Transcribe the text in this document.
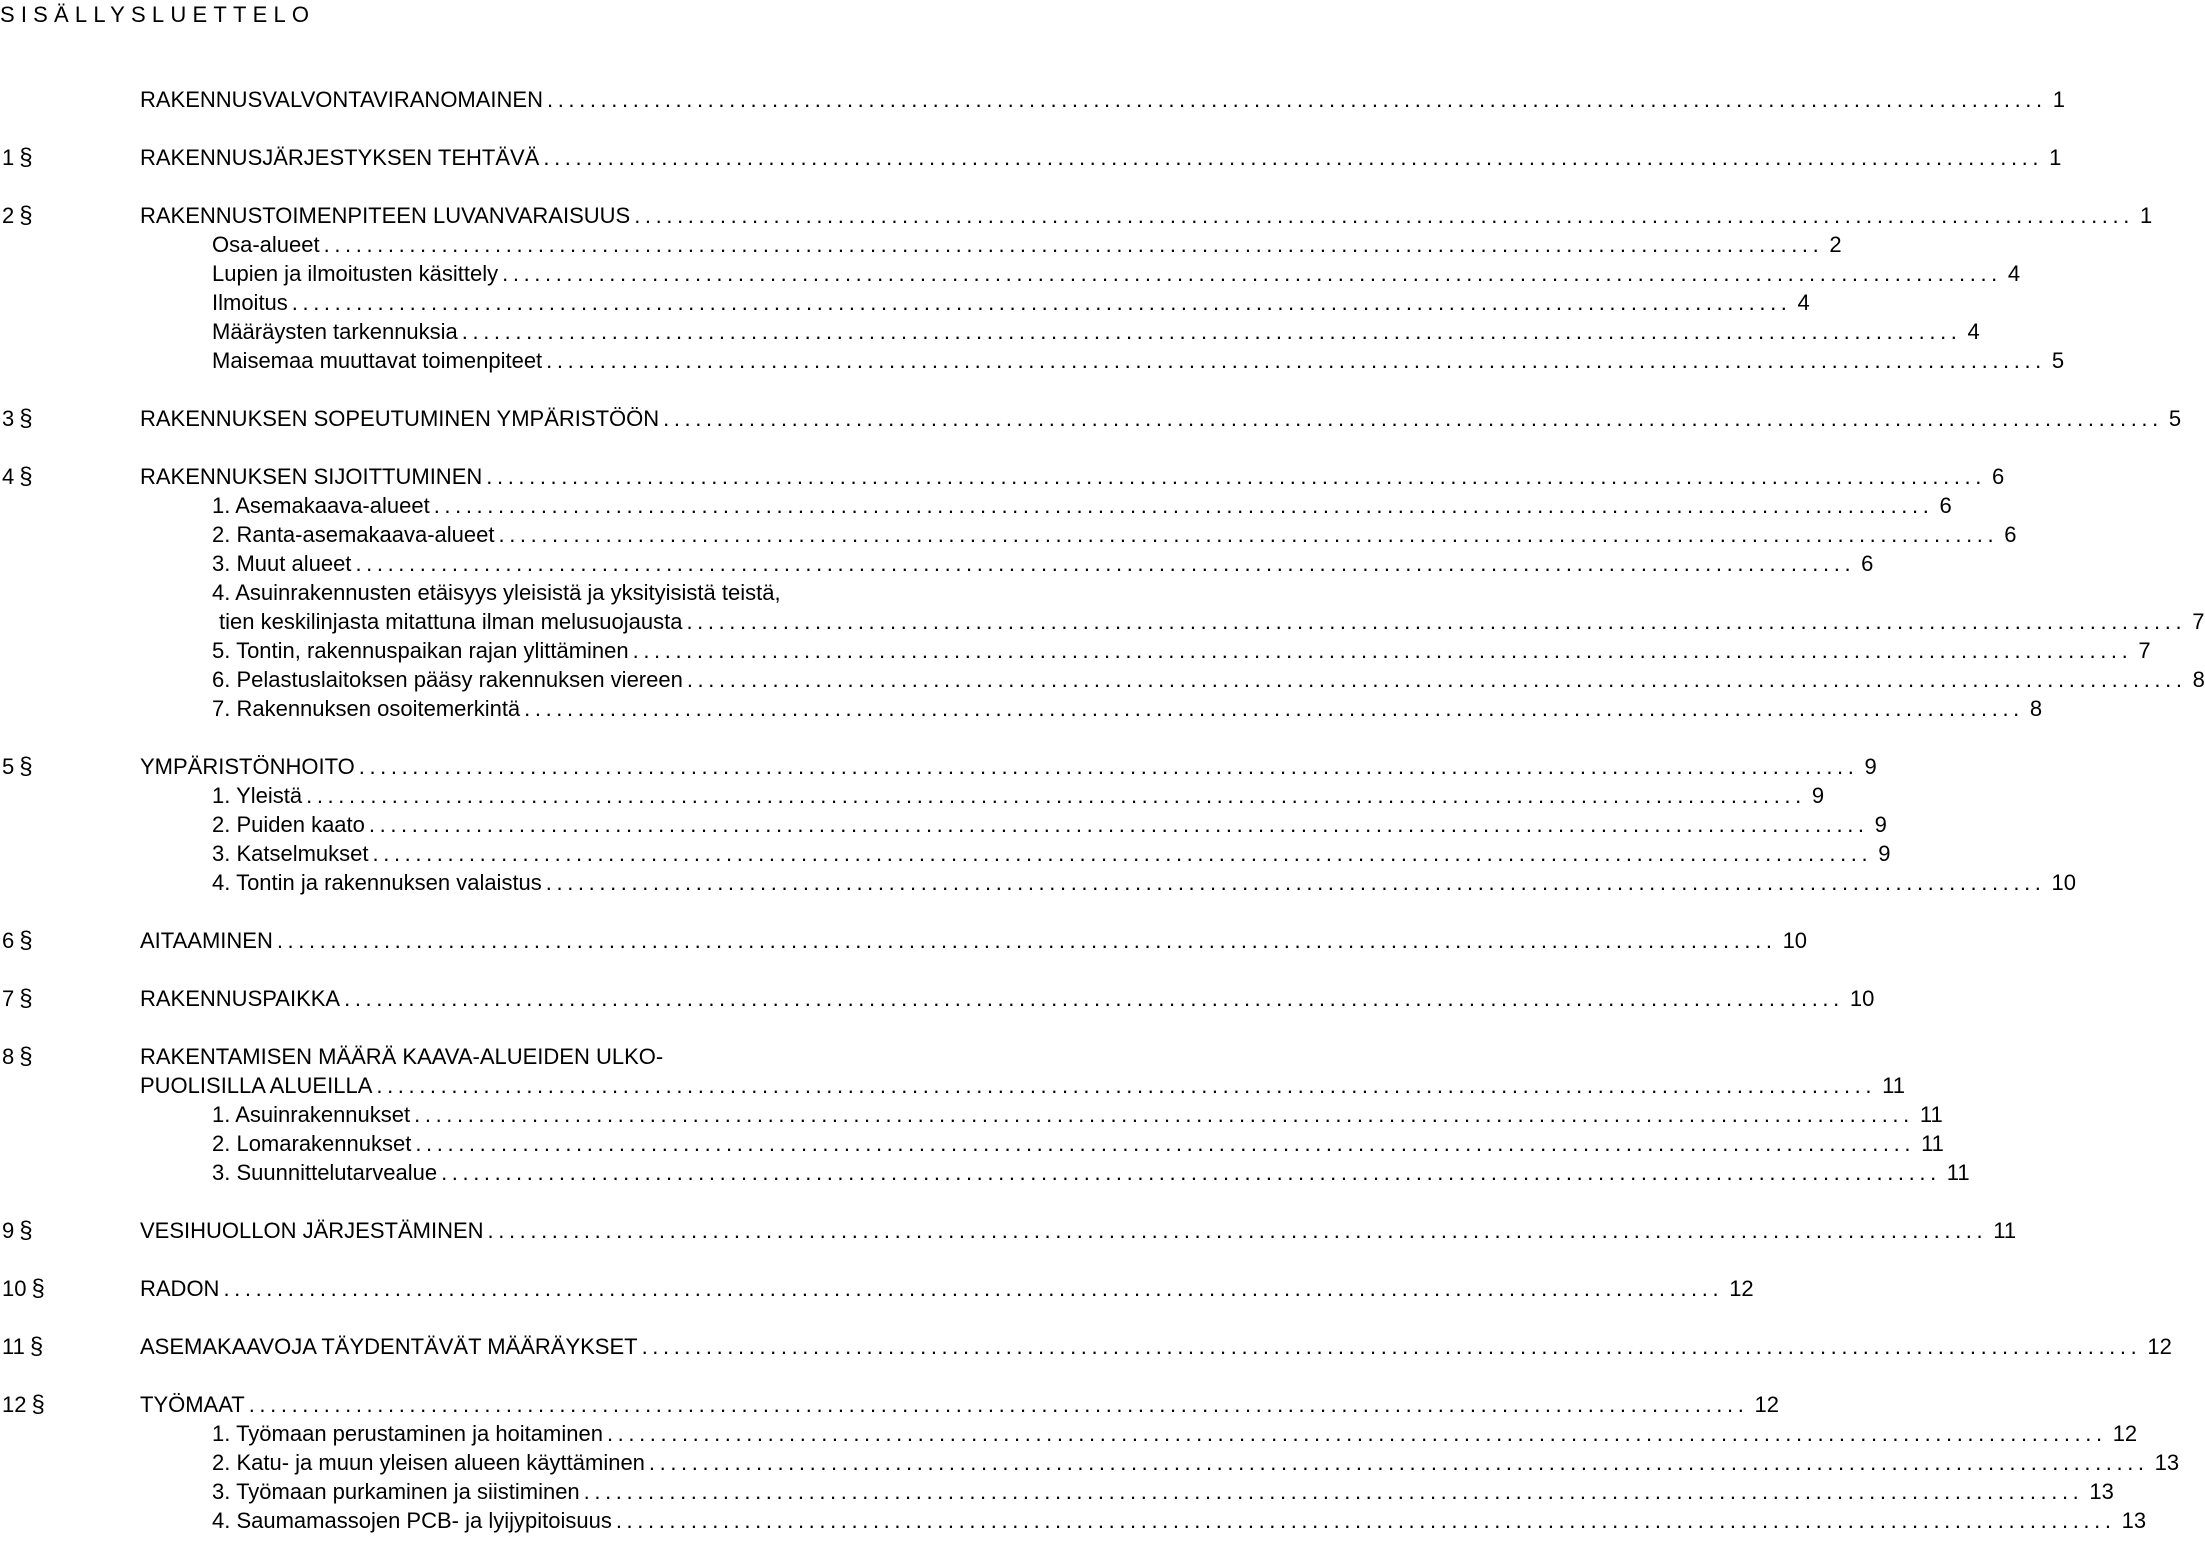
SISÄLLYSLUETTELO
RAKENNUSVALVONTAVIRANOMAINEN ............................................................................................................................................ 1
1 §	RAKENNUSJÄRJESTYKSEN TEHTÄVÄ ............................................................................................................................................ 1
2 §	RAKENNUSTOIMENPITEEN LUVANVARAISUUS ............................................................................................................................................ 1
Osa-alueet ............................................................................................................................................ 2
Lupien ja ilmoitusten käsittely ............................................................................................................................................ 4
Ilmoitus ............................................................................................................................................ 4
Määräysten tarkennuksia ............................................................................................................................................ 4
Maisemaa muuttavat toimenpiteet ............................................................................................................................................ 5
3 §	RAKENNUKSEN SOPEUTUMINEN YMPÄRISTÖÖN ............................................................................................................................................ 5
4 §	RAKENNUKSEN SIJOITTUMINEN ............................................................................................................................................ 6
1. Asemakaava-alueet ............................................................................................................................................ 6
2. Ranta-asemakaava-alueet ............................................................................................................................................ 6
3. Muut alueet ............................................................................................................................................ 6
4. Asuinrakennusten etäisyys yleisistä ja yksityisistä teistä,
tien keskilinjasta mitattuna ilman melusuojausta ............................................................................................................................................ 7
5. Tontin, rakennuspaikan rajan ylittäminen ............................................................................................................................................ 7
6. Pelastuslaitoksen pääsy rakennuksen viereen ............................................................................................................................................ 8
7. Rakennuksen osoitemerkintä ............................................................................................................................................ 8
5 §	YMPÄRISTÖNHOITO ............................................................................................................................................ 9
1. Yleistä ............................................................................................................................................ 9
2. Puiden kaato ............................................................................................................................................ 9
3. Katselmukset ............................................................................................................................................ 9
4. Tontin ja rakennuksen valaistus ............................................................................................................................................ 10
6 §	AITAAMINEN ............................................................................................................................................ 10
7 §	RAKENNUSPAIKKA ............................................................................................................................................ 10
8 §	RAKENTAMISEN MÄÄRÄ KAAVA-ALUEIDEN ULKO-
PUOLISILLA ALUEILLA ............................................................................................................................................ 11
1. Asuinrakennukset ............................................................................................................................................ 11
2. Lomarakennukset ............................................................................................................................................ 11
3. Suunnittelutarvealue ............................................................................................................................................ 11
9 §	VESIHUOLLON JÄRJESTÄMINEN ............................................................................................................................................ 11
10 §	RADON ............................................................................................................................................ 12
11 §	ASEMAKAAVOJA TÄYDENTÄVÄT MÄÄRÄYKSET ............................................................................................................................................ 12
12 §	TYÖMAAT ............................................................................................................................................ 12
1. Työmaan perustaminen ja hoitaminen ............................................................................................................................................ 12
2. Katu- ja muun yleisen alueen käyttäminen ............................................................................................................................................ 13
3. Työmaan purkaminen ja siistiminen ............................................................................................................................................ 13
4. Saumamassojen PCB- ja lyijypitoisuus ............................................................................................................................................ 13
